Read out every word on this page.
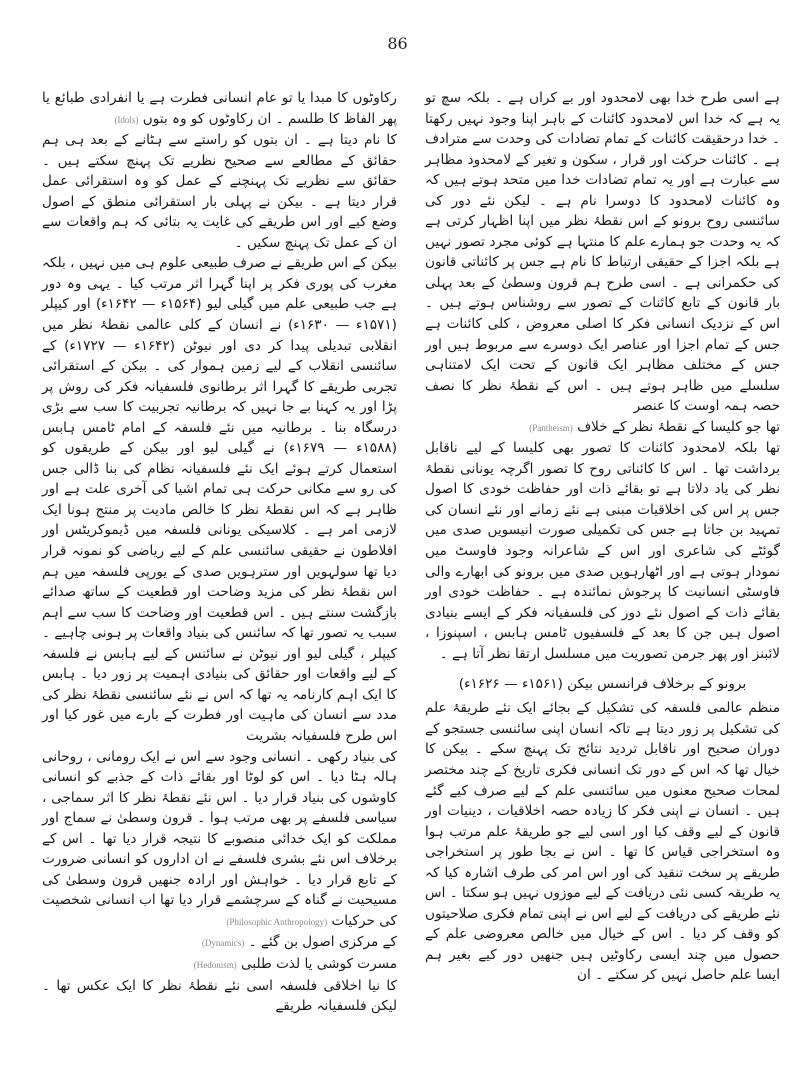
86

ہے اسی طرح خدا بھی لامحدود اور بے کراں ہے ۔ بلکہ سچ تو یہ ہے کہ خدا اس لامحدود کائنات کے باہر اپنا وجود نہیں رکھتا ۔ خدا درحقیقت کائنات کے تمام تضادات کی وحدت سے مترادف ہے ۔ کائنات حرکت اور قرار ، سکون و تغیر کے لامحدود مظاہر سے عبارت ہے اور یہ تمام تضادات خدا میں متحد ہوتے ہیں کہ وہ کائنات لامحدود کا دوسرا نام ہے ۔ لیکن نئے دور کی سائنسی روح برونو کے اس نقطۂ نظر میں اپنا اظہار کرتی ہے کہ یہ وحدت جو ہمارے علم کا منتہا ہے کوئی مجرد تصور نہیں ہے بلکہ اجزا کے حقیقی ارتباط کا نام ہے جس پر کائناتی قانون کی حکمرانی ہے ۔ اسی طرح ہم قرون وسطیٰ کے بعد پہلی بار قانون کے تابع کائنات کے تصور سے روشناس ہوتے ہیں ۔ اس کے نزدیک انسانی فکر کا اصلی معروض ، کلی کائنات ہے جس کے تمام اجزا اور عناصر ایک دوسرے سے مربوط ہیں اور جس کے مختلف مظاہر ایک قانون کے تحت ایک لامتناہی سلسلے میں ظاہر ہوتے ہیں ۔ اس کے نقطۂ نظر کا نصف حصہ ہمہ اوست کا عنصر

تھا جو کلیسا کے نقطۂ نظر کے خلاف (Pantheism)

تھا بلکہ لامحدود کائنات کا تصور بھی کلیسا کے لیے ناقابل برداشت تھا ۔ اس کا کائناتی روح کا تصور اگرچہ یونانی نقطۂ نظر کی یاد دلاتا ہے تو بقائے ذات اور حفاظت خودی کا اصول جس پر اس کی اخلاقیات مبنی ہے نئے زمانے اور نئے انسان کی تمہید بن جاتا ہے جس کی تکمیلی صورت انیسویں صدی میں گوئٹے کی شاعری اور اس کے شاعرانہ وجود فاوسٹ میں نمودار ہوتی ہے اور اٹھارہویں صدی میں برونو کی ابھارے والی فاوسٹی انسانیت کا پرجوش نمائندہ ہے ۔ حفاظت خودی اور بقائے ذات کے اصول نئے دور کی فلسفیانہ فکر کے ایسے بنیادی اصول ہیں جن کا بعد کے فلسفیوں ٹامس ہابس ، اسپنوزا ، لائبنز اور پھر جرمن تصوریت میں مسلسل ارتقا نظر آتا ہے ۔

برونو کے برخلاف فرانسس بیکن (۱۵۶۱ء — ۱۶۲۶ء)

منظم عالمی فلسفہ کی تشکیل کے بجائے ایک نئے طریقۂ علم کی تشکیل پر زور دیتا ہے تاکہ انسان اپنی سائنسی جستجو کے دوران صحیح اور ناقابل تردید نتائج تک پہنچ سکے ۔ بیکن کا خیال تھا کہ اس کے دور تک انسانی فکری تاریخ کے چند مختصر لمحات صحیح معنوں میں سائنسی علم کے لیے صرف کیے گئے ہیں ۔ انسان نے اپنی فکر کا زیادہ حصہ اخلاقیات ، دینیات اور قانون کے لیے وقف کیا اور اسی لیے جو طریقۂ علم مرتب ہوا وہ استخراجی قیاس کا تھا ۔ اس نے بجا طور پر استخراجی طریقے پر سخت تنقید کی اور اس امر کی طرف اشارہ کیا کہ یہ طریقہ کسی نئی دریافت کے لیے موزوں نہیں ہو سکتا ۔ اس نئے طریقے کی دریافت کے لیے اس نے اپنی تمام فکری صلاحیتوں کو وقف کر دیا ۔ اس کے خیال میں خالص معروضی علم کے حصول میں چند ایسی رکاوٹیں ہیں جنھیں دور کیے بغیر ہم ایسا علم حاصل نہیں کر سکتے ۔ ان

رکاوٹوں کا مبدا یا تو عام انسانی فطرت ہے یا انفرادی طبائع یا پھر الفاظ کا طلسم ۔ ان رکاوٹوں کو وہ بتوں (Idols)

کا نام دیتا ہے ۔ ان بتوں کو راستے سے ہٹانے کے بعد ہی ہم حقائق کے مطالعے سے صحیح نظریے تک پہنچ سکتے ہیں ۔ حقائق سے نظریے تک پہنچنے کے عمل کو وہ استقرائی عمل قرار دیتا ہے ۔ بیکن نے پہلی بار استقرائی منطق کے اصول وضع کیے اور اس طریقے کی غایت یہ بتائی کہ ہم واقعات سے ان کے عمل تک پہنچ سکیں ۔

بیکن کے اس طریقے نے صرف طبیعی علوم ہی میں نہیں ، بلکہ مغرب کی پوری فکر پر اپنا گہرا اثر مرتب کیا ۔ یہی وہ دور ہے جب طبیعی علم میں گیلی لیو (۱۵۶۴ء — ۱۶۴۲ء) اور کیپلر (۱۵۷۱ء — ۱۶۳۰ء) نے انسان کے کلی عالمی نقطۂ نظر میں انقلابی تبدیلی پیدا کر دی اور نیوٹن (۱۶۴۲ء — ۱۷۲۷ء) کے سائنسی انقلاب کے لیے زمین ہموار کی ۔ بیکن کے استقرائی تجربی طریقے کا گہرا اثر برطانوی فلسفیانہ فکر کی روش پر پڑا اور یہ کہنا بے جا نہیں کہ برطانیہ تجربیت کا سب سے بڑی درسگاہ بنا ۔ برطانیہ میں نئے فلسفہ کے امام ٹامس ہابس (۱۵۸۸ء — ۱۶۷۹ء) نے گیلی لیو اور بیکن کے طریقوں کو استعمال کرتے ہوئے ایک نئے فلسفیانہ نظام کی بنا ڈالی جس کی رو سے مکانی حرکت ہی تمام اشیا کی آخری علت ہے اور ظاہر ہے کہ اس نقطۂ نظر کا خالص مادیت پر منتج ہونا ایک لازمی امر ہے ۔ کلاسیکی یونانی فلسفہ میں ڈیموکریٹس اور افلاطون نے حقیقی سائنسی علم کے لیے ریاضی کو نمونہ قرار دیا تھا سولہویں اور سترہویں صدی کے یورپی فلسفہ میں ہم اس نقطۂ نظر کی مزید وضاحت اور قطعیت کے ساتھ صدائے بازگشت سنتے ہیں ۔ اس قطعیت اور وضاحت کا سب سے اہم سبب یہ تصور تھا کہ سائنس کی بنیاد واقعات پر ہونی چاہیے ۔ کیپلر ، گیلی لیو اور نیوٹن نے سائنس کے لیے ہابس نے فلسفہ کے لیے واقعات اور حقائق کی بنیادی اہمیت پر زور دیا ۔ ہابس کا ایک اہم کارنامہ یہ تھا کہ اس نے نئے سائنسی نقطۂ نظر کی مدد سے انسان کی ماہیت اور فطرت کے بارے میں غور کیا اور اس طرح فلسفیانہ بشریت

کی بنیاد رکھی ۔ انسانی وجود سے اس نے ایک رومانی ، روحانی ہالہ ہٹا دیا ۔ اس کو لوٹا اور بقائے ذات کے جذبے کو انسانی کاوشوں کی بنیاد قرار دیا ۔ اس نئے نقطۂ نظر کا اثر سماجی ، سیاسی فلسفے پر بھی مرتب ہوا ۔ قرون وسطیٰ نے سماج اور مملکت کو ایک خدائی منصوبے کا نتیجہ قرار دیا تھا ۔ اس کے برخلاف اس نئے بشری فلسفے نے ان اداروں کو انسانی ضرورت کے تابع قرار دیا ۔ خواہش اور ارادہ جنھیں قرون وسطیٰ کی مسیحیت نے گناہ کے سرچشمے قرار دیا تھا اب انسانی شخصیت کی حرکیات (Philosophic Anthropology)

کے مرکزی اصول بن گئے ۔ (Dynamics)

مسرت کوشی یا لذت طلبی (Hedonism)

کا نیا اخلاقی فلسفہ اسی نئے نقطۂ نظر کا ایک عکس تھا ۔ لیکن فلسفیانہ طریقے
